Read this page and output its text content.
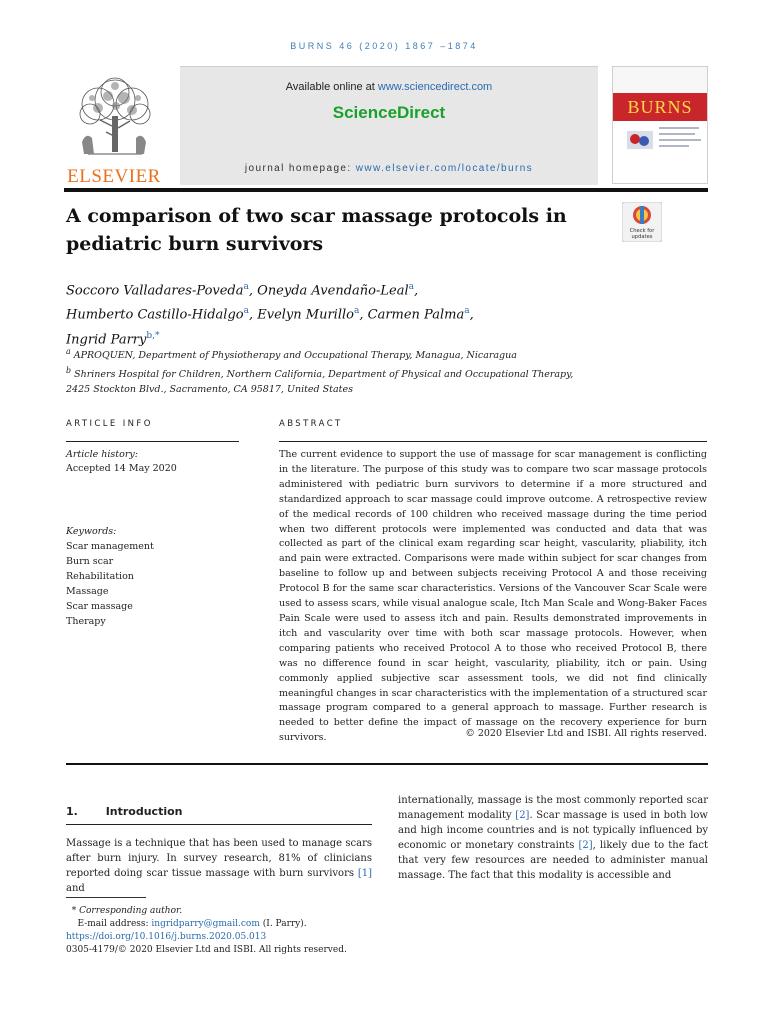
BURNS 46 (2020) 1867 –1874
ELSEVIER
Available online at www.sciencedirect.com
ScienceDirect
journal homepage: www.elsevier.com/locate/burns
BURNS
A comparison of two scar massage protocols in
pediatric burn survivors
Check for
updates
Soccoro Valladares-Poveda$^a$, Oneyda Avendaño-Leal$^a$,
Humberto Castillo-Hidalgo$^a$, Evelyn Murillo$^a$, Carmen Palma$^a$,
Ingrid Parry$^{b,*}$
$^a$ APROQUEN, Department of Physiotherapy and Occupational Therapy, Managua, Nicaragua
$^b$ Shriners Hospital for Children, Northern California, Department of Physical and Occupational Therapy,
2425 Stockton Blvd., Sacramento, CA 95817, United States
ARTICLE INFO	ABSTRACT
Article history:
Accepted 14 May 2020
Keywords:
Scar management
Burn scar
Rehabilitation
Massage
Scar massage
Therapy
The current evidence to support the use of massage for scar management is conflicting in the literature. The purpose of this study was to compare two scar massage protocols administered with pediatric burn survivors to determine if a more structured and standardized approach to scar massage could improve outcome. A retrospective review of the medical records of 100 children who received massage during the time period when two different protocols were implemented was conducted and data that was collected as part of the clinical exam regarding scar height, vascularity, pliability, itch and pain were extracted. Comparisons were made within subject for scar changes from baseline to follow up and between subjects receiving Protocol A and those receiving Protocol B for the same scar characteristics. Versions of the Vancouver Scar Scale were used to assess scars, while visual analogue scale, Itch Man Scale and Wong-Baker Faces Pain Scale were used to assess itch and pain. Results demonstrated improvements in itch and vascularity over time with both scar massage protocols. However, when comparing patients who received Protocol A to those who received Protocol B, there was no difference found in scar height, vascularity, pliability, itch or pain. Using commonly applied subjective scar assessment tools, we did not find clinically meaningful changes in scar characteristics with the implementation of a structured scar massage program compared to a general approach to massage. Further research is needed to better define the impact of massage on the recovery experience for burn survivors.	© 2020 Elsevier Ltd and ISBI. All rights reserved.
1.	Introduction
Massage is a technique that has been used to manage scars after burn injury. In survey research, 81% of clinicians reported doing scar tissue massage with burn survivors [1] and
internationally, massage is the most commonly reported scar management modality [2]. Scar massage is used in both low and high income countries and is not typically influenced by economic or monetary constraints [2], likely due to the fact that very few resources are needed to administer manual massage. The fact that this modality is accessible and
* Corresponding author.
E-mail address: ingridparry@gmail.com (I. Parry).
https://doi.org/10.1016/j.burns.2020.05.013
0305-4179/© 2020 Elsevier Ltd and ISBI. All rights reserved.
